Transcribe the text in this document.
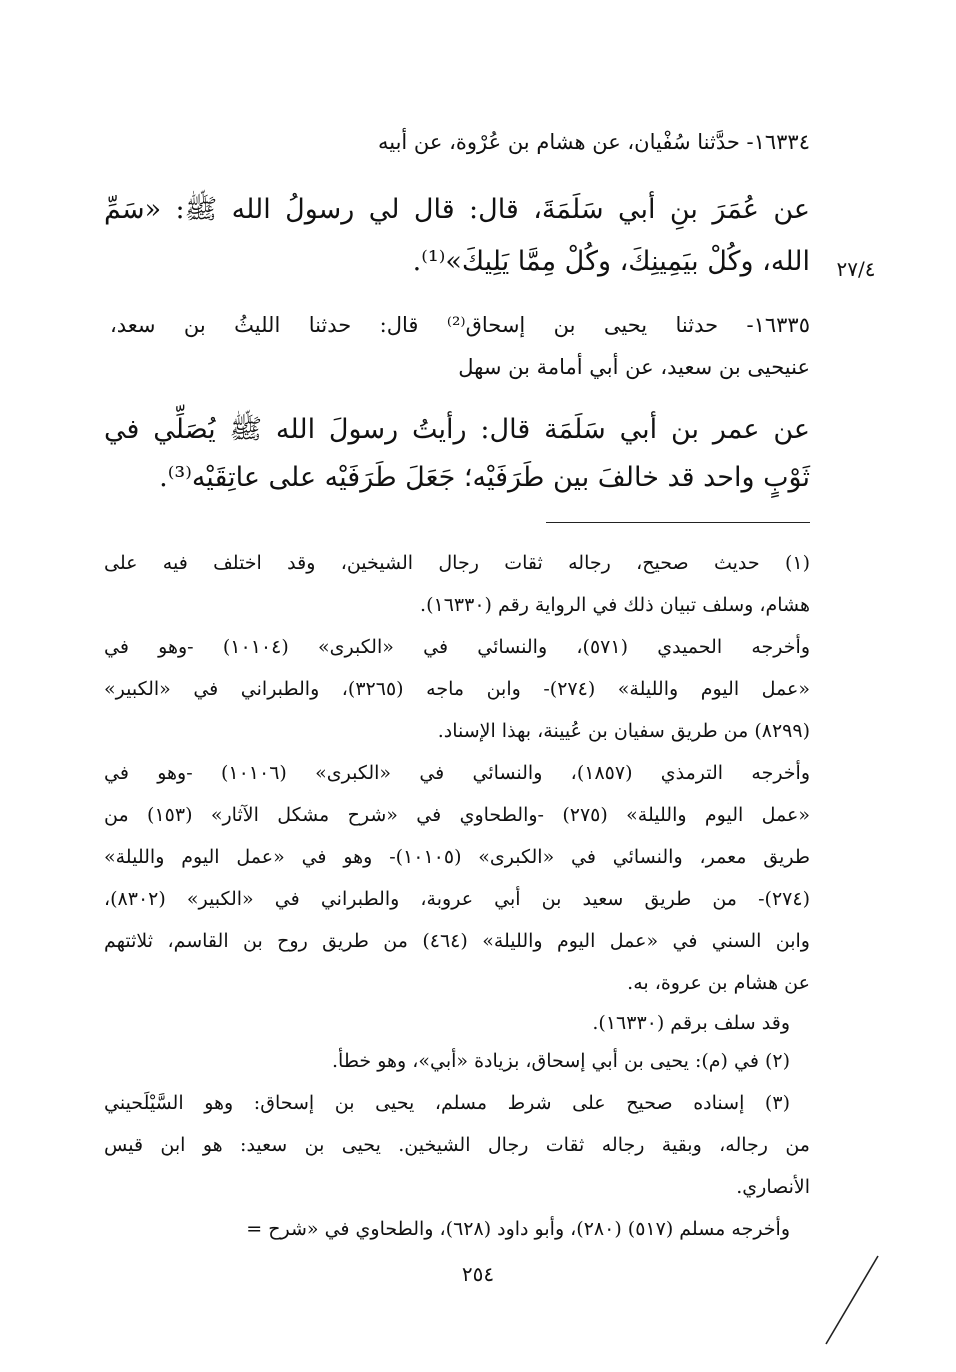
١٦٣٣٤- حدَّثنا سُفْيان، عن هشام بن عُرْوة، عن أبيه
عن عُمَرَ بنِ أبي سَلَمَةَ، قال: قال لي رسولُ الله ﷺ: «سَمِّ
الله، وكُلْ بيَمِينِكَ، وكُلْ مِمَّا يَلِيكَ»⁽¹⁾.	٢٧/٤
١٦٣٣٥- حدثنا يحيى بن إسحاق⁽²⁾ قال: حدثنا الليثُ بن سعد،
عنيحيى بن سعيد، عن أبي أمامة بن سهل
عن عمر بن أبي سَلَمَة قال: رأيتُ رسولَ الله ﷺ يُصَلِّي في
ثَوْبٍ واحد قد خالفَ بين طَرَفَيْه؛ جَعَلَ طَرَفَيْه على عاتِقَيْه⁽³⁾.
(١) حديث صحيح، رجاله ثقات رجال الشيخين، وقد اختلف فيه على
هشام، وسلف تبيان ذلك في الرواية رقم (١٦٣٣٠).
وأخرجه الحميدي (٥٧١)، والنسائي في «الكبرى» (١٠١٠٤) -وهو في
«عمل اليوم والليلة» (٢٧٤)- وابن ماجه (٣٢٦٥)، والطبراني في «الكبير»
(٨٢٩٩) من طريق سفيان بن عُيينة، بهذا الإسناد.
وأخرجه الترمذي (١٨٥٧)، والنسائي في «الكبرى» (١٠١٠٦) -وهو في
«عمل اليوم والليلة» (٢٧٥) -والطحاوي في «شرح مشكل الآثار» (١٥٣) من
طريق معمر، والنسائي في «الكبرى» (١٠١٠٥)- وهو في «عمل اليوم والليلة»
(٢٧٤)- من طريق سعيد بن أبي عروبة، والطبراني في «الكبير» (٨٣٠٢)،
وابن السني في «عمل اليوم والليلة» (٤٦٤) من طريق روح بن القاسم، ثلاثتهم
عن هشام بن عروة، به.
وقد سلف برقم (١٦٣٣٠).
(٢) في (م): يحيى بن أبي إسحاق، بزيادة «أبي»، وهو خطأ.
(٣) إسناده صحيح على شرط مسلم، يحيى بن إسحاق: وهو السَّيْلَحيني
من رجاله، وبقية رجاله ثقات رجال الشيخين. يحيى بن سعيد: هو ابن قيس
الأنصاري.
وأخرجه مسلم (٥١٧) (٢٨٠)، وأبو داود (٦٢٨)، والطحاوي في «شرح =
٢٥٤
